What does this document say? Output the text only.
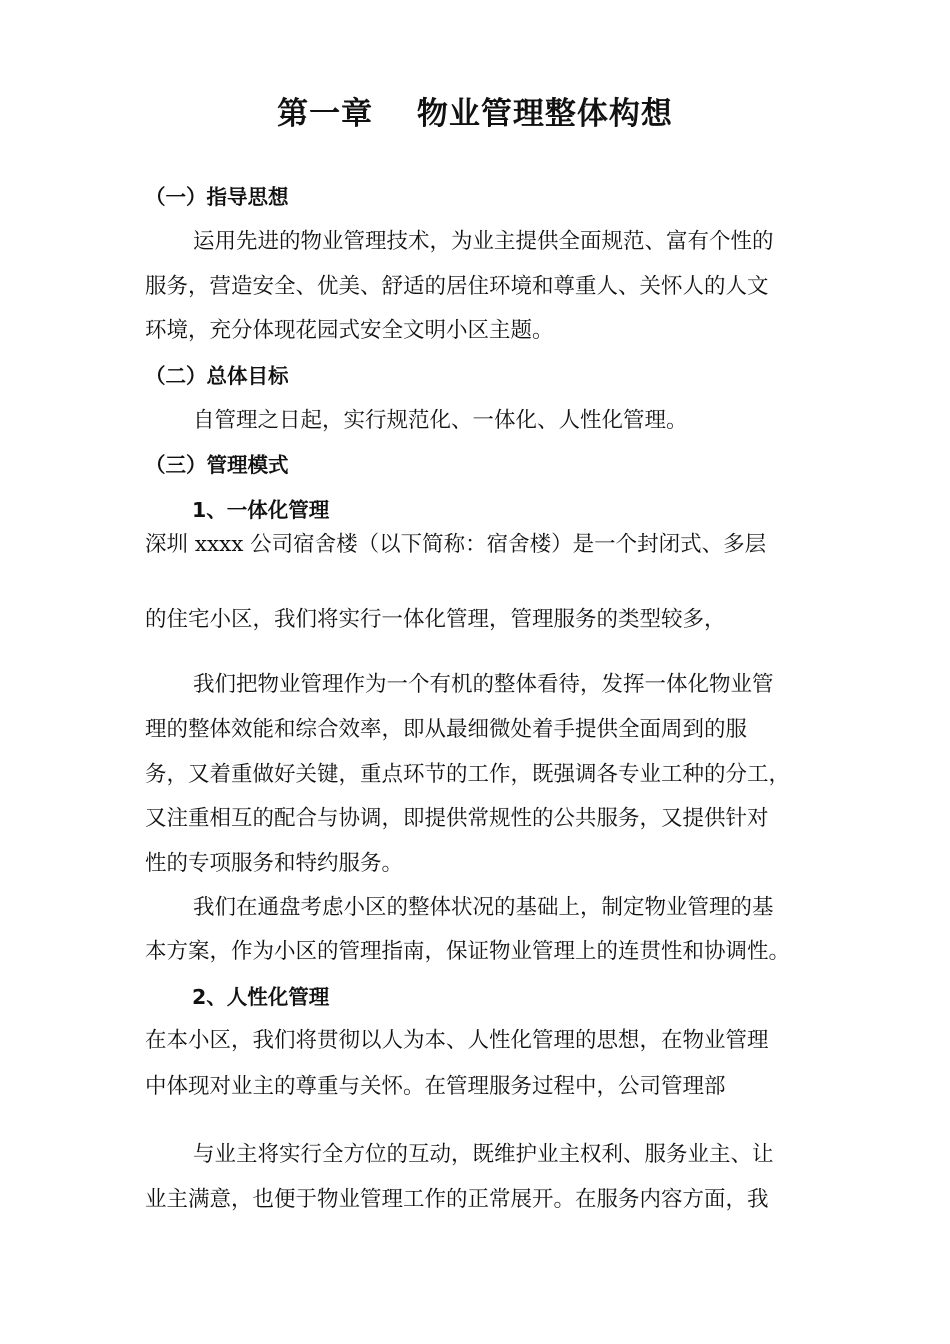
第一章　 物业管理整体构想
（一）指导思想
运用先进的物业管理技术，为业主提供全面规范、富有个性的
服务，营造安全、优美、舒适的居住环境和尊重人、关怀人的人文
环境，充分体现花园式安全文明小区主题。
（二）总体目标
自管理之日起，实行规范化、一体化、人性化管理。
（三）管理模式
1、一体化管理
深圳 xxxx 公司宿舍楼（以下简称：宿舍楼）是一个封闭式、多层
的住宅小区，我们将实行一体化管理，管理服务的类型较多，
我们把物业管理作为一个有机的整体看待，发挥一体化物业管
理的整体效能和综合效率，即从最细微处着手提供全面周到的服
务，又着重做好关键，重点环节的工作，既强调各专业工种的分工，
又注重相互的配合与协调，即提供常规性的公共服务，又提供针对
性的专项服务和特约服务。
我们在通盘考虑小区的整体状况的基础上，制定物业管理的基
本方案，作为小区的管理指南，保证物业管理上的连贯性和协调性。
2、人性化管理
在本小区，我们将贯彻以人为本、人性化管理的思想，在物业管理
中体现对业主的尊重与关怀。在管理服务过程中，公司管理部
与业主将实行全方位的互动，既维护业主权利、服务业主、让
业主满意，也便于物业管理工作的正常展开。在服务内容方面，我
